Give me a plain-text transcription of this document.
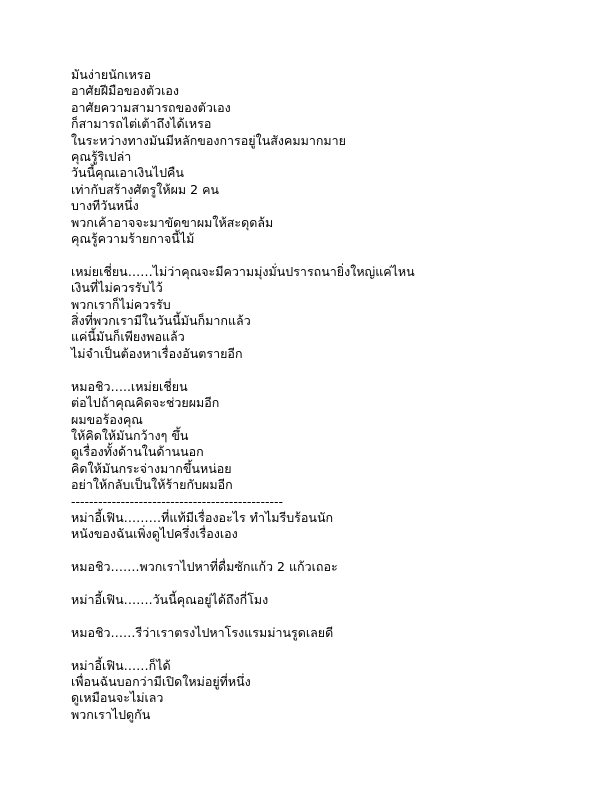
มันง่ายนักเหรอ
อาศัยฝีมือของตัวเอง
อาศัยความสามารถของตัวเอง
ก็สามารถไต่เต้าถึงได้เหรอ
ในระหว่างทางมันมีหลักของการอยู่ในสังคมมากมาย
คุณรู้ริเปล่า
วันนี้คุณเอาเงินไปคืน
เท่ากับสร้างศัตรูให้ผม 2 คน
บางทีวันหนึ่ง
พวกเค้าอาจจะมาขัดขาผมให้สะดุดล้ม
คุณรู้ความร้ายกาจนี้ไม้
เหม่ยเชี่ยน……ไม่ว่าคุณจะมีความมุ่งมั่นปรารถนายิ่งใหญ่แค่ไหน
เงินที่ไม่ควรรับไว้
พวกเราก็ไม่ควรรับ
สิ่งที่พวกเรามีในวันนี้มันก็มากแล้ว
แค่นี้มันก็เพียงพอแล้ว
ไม่จำเป็นต้องหาเรื่องอันตรายอีก
หมอชิว…..เหม่ยเชี่ยน
ต่อไปถ้าคุณคิดจะช่วยผมอีก
ผมขอร้องคุณ
ให้คิดให้มันกว้างๆ ขึ้น
ดูเรื่องทั้งด้านในด้านนอก
คิดให้มันกระจ่างมากขึ้นหน่อย
อย่าให้กลับเป็นให้ร้ายกับผมอีก
-----------------------------------------------
หม่าอี้เฟิน………ที่แท้มีเรื่องอะไร ทำไมรีบร้อนนัก
หนังของฉันเพิ่งดูไปครึ่งเรื่องเอง
หมอชิว…….พวกเราไปหาที่ดื่มซักแก้ว 2 แก้วเถอะ
หม่าอี้เฟิน…….วันนี้คุณอยู่ได้ถึงกี่โมง
หมอชิว……รีว่าเราตรงไปหาโรงแรมม่านรูดเลยดี
หม่าอี้เฟิน……ก็ได้
เพื่อนฉันบอกว่ามีเปิดใหม่อยู่ที่หนึ่ง
ดูเหมือนจะไม่เลว
พวกเราไปดูกัน
